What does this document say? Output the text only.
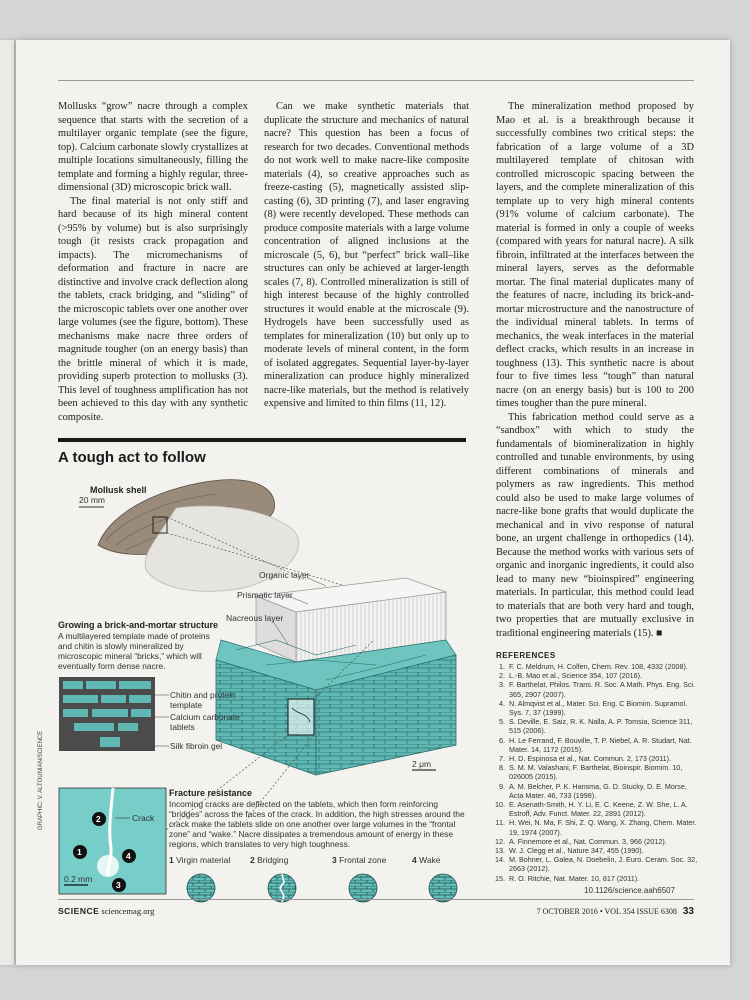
Mollusks “grow” nacre through a complex sequence that starts with the secretion of a multilayer organic template (see the figure, top). Calcium carbonate slowly crystallizes at multiple locations simultaneously, filling the template and forming a highly regular, three-dimensional (3D) microscopic brick wall.

The final material is not only stiff and hard because of its high mineral content (>95% by volume) but is also surprisingly tough (it resists crack propagation and impacts). The micromechanisms of deformation and fracture in nacre are distinctive and involve crack deflection along the tablets, crack bridging, and “sliding” of the microscopic tablets over one another over large volumes (see the figure, bottom). These mechanisms make nacre three orders of magnitude tougher (on an energy basis) than the brittle mineral of which it is made, providing superb protection to mollusks (3). This level of toughness amplification has not been achieved to this day with any synthetic composite.

Can we make synthetic materials that duplicate the structure and mechanics of natural nacre? This question has been a focus of research for two decades. Conventional methods do not work well to make nacre-like composite materials (4), so creative approaches such as freeze-casting (5), magnetically assisted slip-casting (6), 3D printing (7), and laser engraving (8) were recently developed. These methods can produce composite materials with a large volume concentration of aligned inclusions at the microscale (5, 6), but “perfect” brick wall–like structures can only be achieved at larger-length scales (7, 8). Controlled mineralization is still of high interest because of the highly controlled structures it would enable at the microscale (9). Hydrogels have been successfully used as templates for mineralization (10) but only up to moderate levels of mineral content, in the form of isolated aggregates. Sequential layer-by-layer mineralization can produce highly mineralized nacre-like materials, but the method is relatively expensive and limited to thin films (11, 12).

The mineralization method proposed by Mao et al. is a breakthrough because it successfully combines two critical steps: the fabrication of a large volume of a 3D multilayered template of chitosan with controlled microscopic spacing between the layers, and the complete mineralization of this template up to very high mineral contents (91% volume of calcium carbonate). The material is formed in only a couple of weeks (compared with years for natural nacre). A silk fibroin, infiltrated at the interfaces between the mineral layers, serves as the deformable mortar. The final material duplicates many of the features of nacre, including its brick-and-mortar microstructure and the nanostructure of the individual mineral tablets. In terms of mechanics, the weak interfaces in the material deflect cracks, which results in an increase in toughness (13). This synthetic nacre is about four to five times less “tough” than natural nacre (on an energy basis) but is 100 to 200 times tougher than the pure mineral.

This fabrication method could serve as a “sandbox” with which to study the fundamentals of biomineralization in highly controlled and tunable environments, by using different combinations of minerals and polymers as raw ingredients. This method could also be used to make large volumes of nacre-like bone grafts that would duplicate the mechanical and in vivo response of natural bone, an urgent challenge in orthopedics (14). Because the method works with various sets of organic and inorganic ingredients, it could also lead to many new “bioinspired” engineering materials. In particular, this method could lead to materials that are both very hard and tough, two properties that are mutually exclusive in traditional engineering materials (15). ■

A tough act to follow
Mollusk shell
20 mm
Organic layer
Prismatic layer
Nacreous layer
2 μm
Growing a brick-and-mortar structure
A multilayered template made of proteins and chitin is slowly mineralized by microscopic mineral “bricks,” which will eventually form dense nacre.
Chitin and protein template
Calcium carbonate tablets
Silk fibroin gel
Fracture resistance
Incoming cracks are deflected on the tablets, which then form reinforcing “bridges” across the faces of the crack. In addition, the high stresses around the crack make the tablets slide on one another over large volumes in the “frontal zone” and “wake.” Nacre dissipates a tremendous amount of energy in these regions, which translates to very high toughness.
Crack
0.2 mm
1
2
3
4	1 Virgin material 2 Bridging	3 Frontal zone	4 Wake
GRAPHIC: V. ALTOUNIAN/SCIENCE
REFERENCES
1. F. C. Meldrum, H. Colfen, Chem. Rev. 108, 4332 (2008).
2. L.-B. Mao et al., Science 354, 107 (2016).
3. F. Barthelat, Philos. Trans. R. Soc. A Math. Phys. Eng. Sci. 365, 2907 (2007).
4. N. Almqvist et al., Mater. Sci. Eng. C Biomim. Supramol. Sys. 7, 37 (1999).
5. S. Deville, E. Saiz, R. K. Nalla, A. P. Tomsia, Science 311, 515 (2006).
6. H. Le Ferrand, F. Bouville, T. P. Niebel, A. R. Studart, Nat. Mater. 14, 1172 (2015).
7. H. D. Espinosa et al., Nat. Commun. 2, 173 (2011).
8. S. M. M. Valashani, F. Barthelat, Bioinspir. Biomim. 10, 026005 (2015).
9. A. M. Belcher, P. K. Hansma, G. D. Stucky, D. E. Morse, Acta Mater. 46, 733 (1998).
10. E. Asenath-Smith, H. Y. Li, E. C. Keene, Z. W. She, L. A. Estroff, Adv. Funct. Mater. 22, 2891 (2012).
11. H. Wei, N. Ma, F. Shi, Z. Q. Wang, X. Zhang, Chem. Mater. 19, 1974 (2007).
12. A. Finnemore et al., Nat. Commun. 3, 966 (2012).
13. W. J. Clegg et al., Nature 347, 455 (1990).
14. M. Bohner, L. Galea, N. Doebelin, J. Euro. Ceram. Soc. 32, 2663 (2012).
15. R. O. Ritchie, Nat. Mater. 10, 817 (2011).
10.1126/science.aah6507
SCIENCE sciencemag.org	7 OCTOBER 2016 • VOL 354 ISSUE 6308 33
